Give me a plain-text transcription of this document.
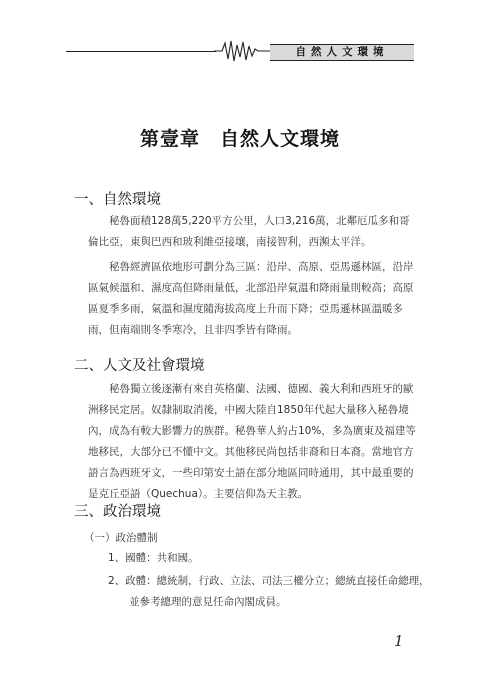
自然人文環境
第壹章　自然人文環境
一、自然環境

秘魯面積128萬5,220平方公里，人口3,216萬，北鄰厄瓜多和哥倫比亞，東與巴西和玻利維亞接壤，南接智利，西瀕太平洋。

秘魯經濟區依地形可劃分為三區：沿岸、高原、亞馬遜林區，沿岸區氣候溫和、濕度高但降雨量低，北部沿岸氣溫和降雨量則較高；高原區夏季多雨，氣溫和濕度隨海拔高度上升而下降；亞馬遜林區溫暖多雨，但南端則冬季寒冷，且非四季皆有降雨。

二、人文及社會環境

秘魯獨立後逐漸有來自英格蘭、法國、德國、義大利和西班牙的歐洲移民定居。奴隸制取消後，中國大陸自1850年代起大量移入秘魯境內，成為有較大影響力的族群。秘魯華人約占10%，多為廣東及福建等地移民，大部分已不懂中文。其他移民尚包括非裔和日本裔。當地官方語言為西班牙文，一些印第安土語在部分地區同時通用，其中最重要的是克丘亞語（Quechua）。主要信仰為天主教。

三、政治環境
（一）政治體制

1、國體：共和國。

2、政體：總統制，行政、立法、司法三權分立；總統直接任命總理，並參考總理的意見任命內閣成員。

1
